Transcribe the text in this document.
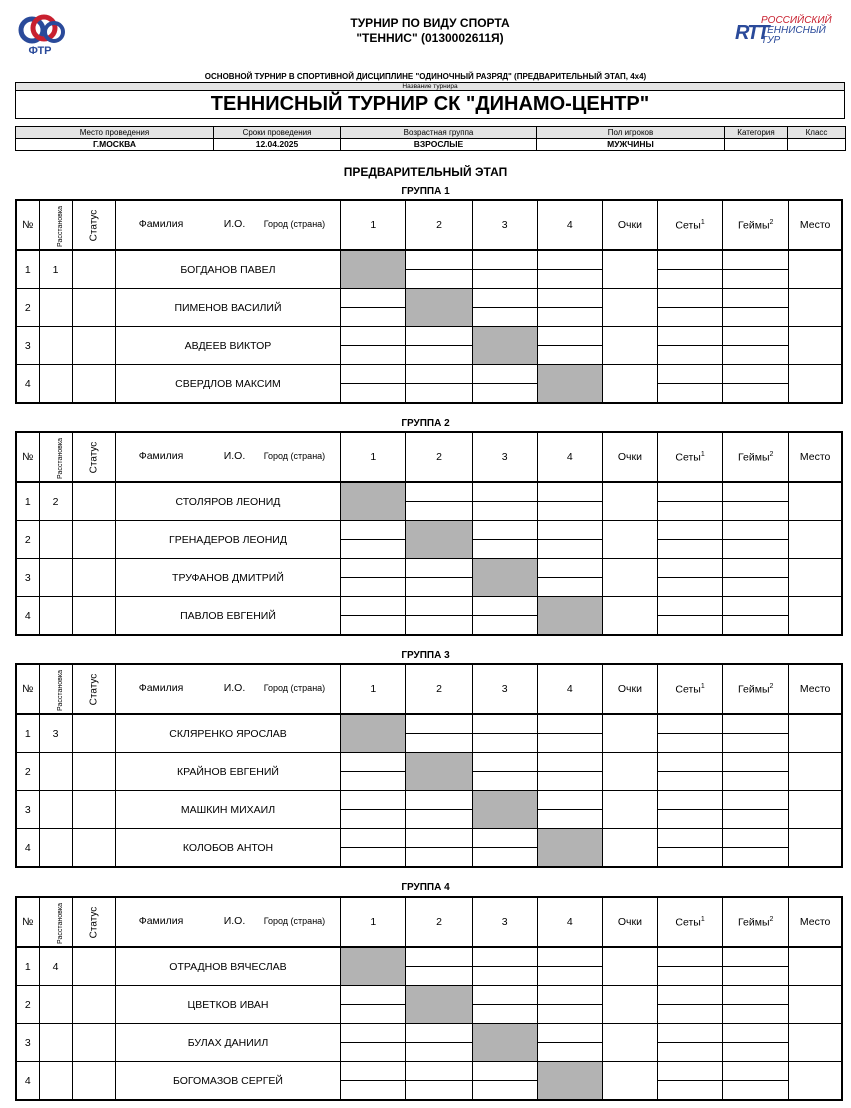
ФТР
RTT
РОССИЙСКИЙ
ТЕННИСНЫЙ
ТУР
ТУРНИР ПО ВИДУ СПОРТА
"ТЕННИС" (0130002611Я)
ОСНОВНОЙ ТУРНИР В СПОРТИВНОЙ ДИСЦИПЛИНЕ "ОДИНОЧНЫЙ РАЗРЯД" (ПРЕДВАРИТЕЛЬНЫЙ ЭТАП, 4х4)
Название турнира
ТЕННИСНЫЙ ТУРНИР СК "ДИНАМО-ЦЕНТР"
Место проведения	Сроки проведения	Возрастная группа	Пол игроков	Категория	Класс
Г.МОСКВА	12.04.2025	ВЗРОСЛЫЕ	МУЖЧИНЫ		
ПРЕДВАРИТЕЛЬНЫЙ ЭТАП
ГРУППА 1
№	Расстановка	Статус	Фамилия И.О. Город (страна)	1	2	3	4	Очки	Сеты$^1$	Геймы$^2$	Место
1	1		БОГДАНОВ ПАВЕЛ								

2			ПИМЕНОВ ВАСИЛИЙ								

3			АВДЕЕВ ВИКТОР								

4			СВЕРДЛОВ МАКСИМ								

ГРУППА 2
№	Расстановка	Статус	Фамилия И.О. Город (страна)	1	2	3	4	Очки	Сеты$^1$	Геймы$^2$	Место
1	2		СТОЛЯРОВ ЛЕОНИД								

2			ГРЕНАДЕРОВ ЛЕОНИД								

3			ТРУФАНОВ ДМИТРИЙ								

4			ПАВЛОВ ЕВГЕНИЙ								

ГРУППА 3
№	Расстановка	Статус	Фамилия И.О. Город (страна)	1	2	3	4	Очки	Сеты$^1$	Геймы$^2$	Место
1	3		СКЛЯРЕНКО ЯРОСЛАВ								

2			КРАЙНОВ ЕВГЕНИЙ								

3			МАШКИН МИХАИЛ								

4			КОЛОБОВ АНТОН								

ГРУППА 4
№	Расстановка	Статус	Фамилия И.О. Город (страна)	1	2	3	4	Очки	Сеты$^1$	Геймы$^2$	Место
1	4		ОТРАДНОВ ВЯЧЕСЛАВ								

2			ЦВЕТКОВ ИВАН								

3			БУЛАХ ДАНИИЛ								

4			БОГОМАЗОВ СЕРГЕЙ								
